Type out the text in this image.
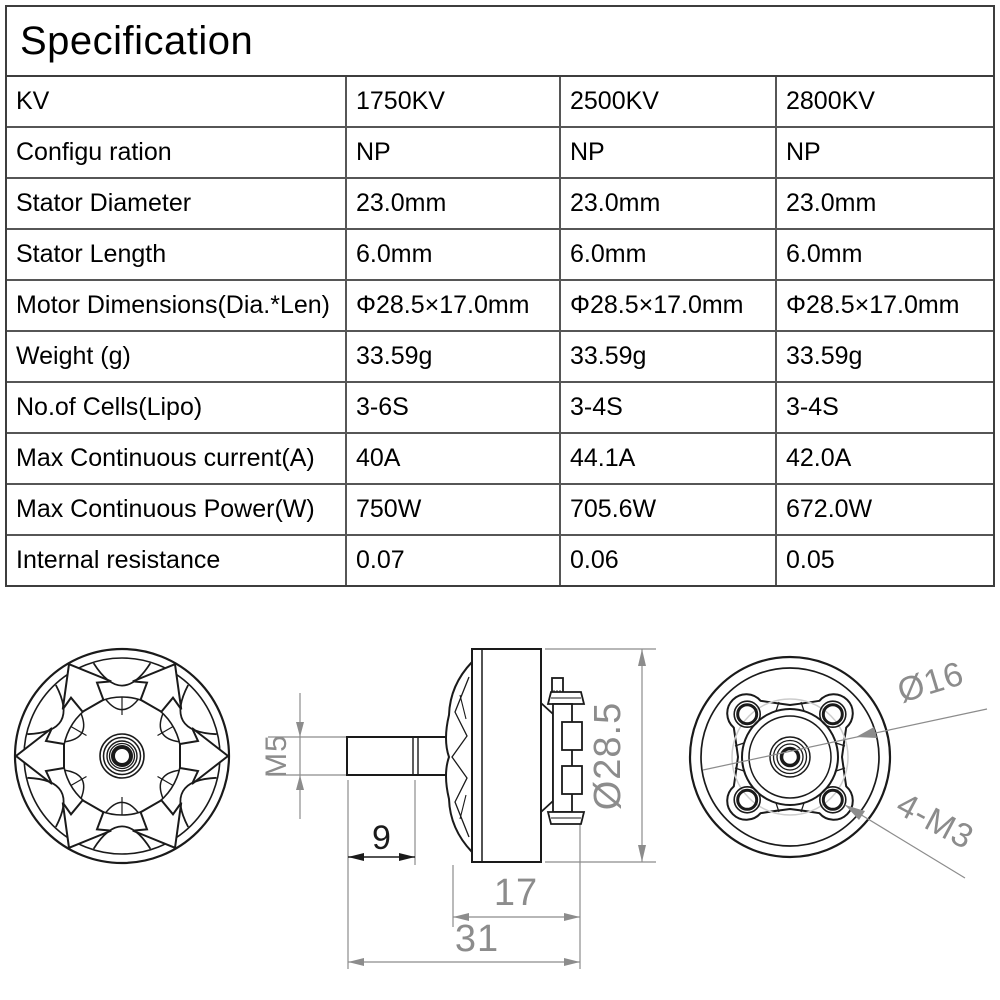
Specification
KV	1750KV	2500KV	2800KV
Configu ration	NP	NP	NP
Stator Diameter	23.0mm	23.0mm	23.0mm
Stator Length	6.0mm	6.0mm	6.0mm
Motor Dimensions(Dia.*Len)	Φ28.5×17.0mm	Φ28.5×17.0mm	Φ28.5×17.0mm
Weight (g)	33.59g	33.59g	33.59g
No.of Cells(Lipo)	3-6S	3-4S	3-4S
Max Continuous current(A)	40A	44.1A	42.0A
Max Continuous Power(W)	750W	705.6W	672.0W
Internal resistance	0.07	0.06	0.05
M5
9
Ø28.5
17
31
Ø16
4-M3
